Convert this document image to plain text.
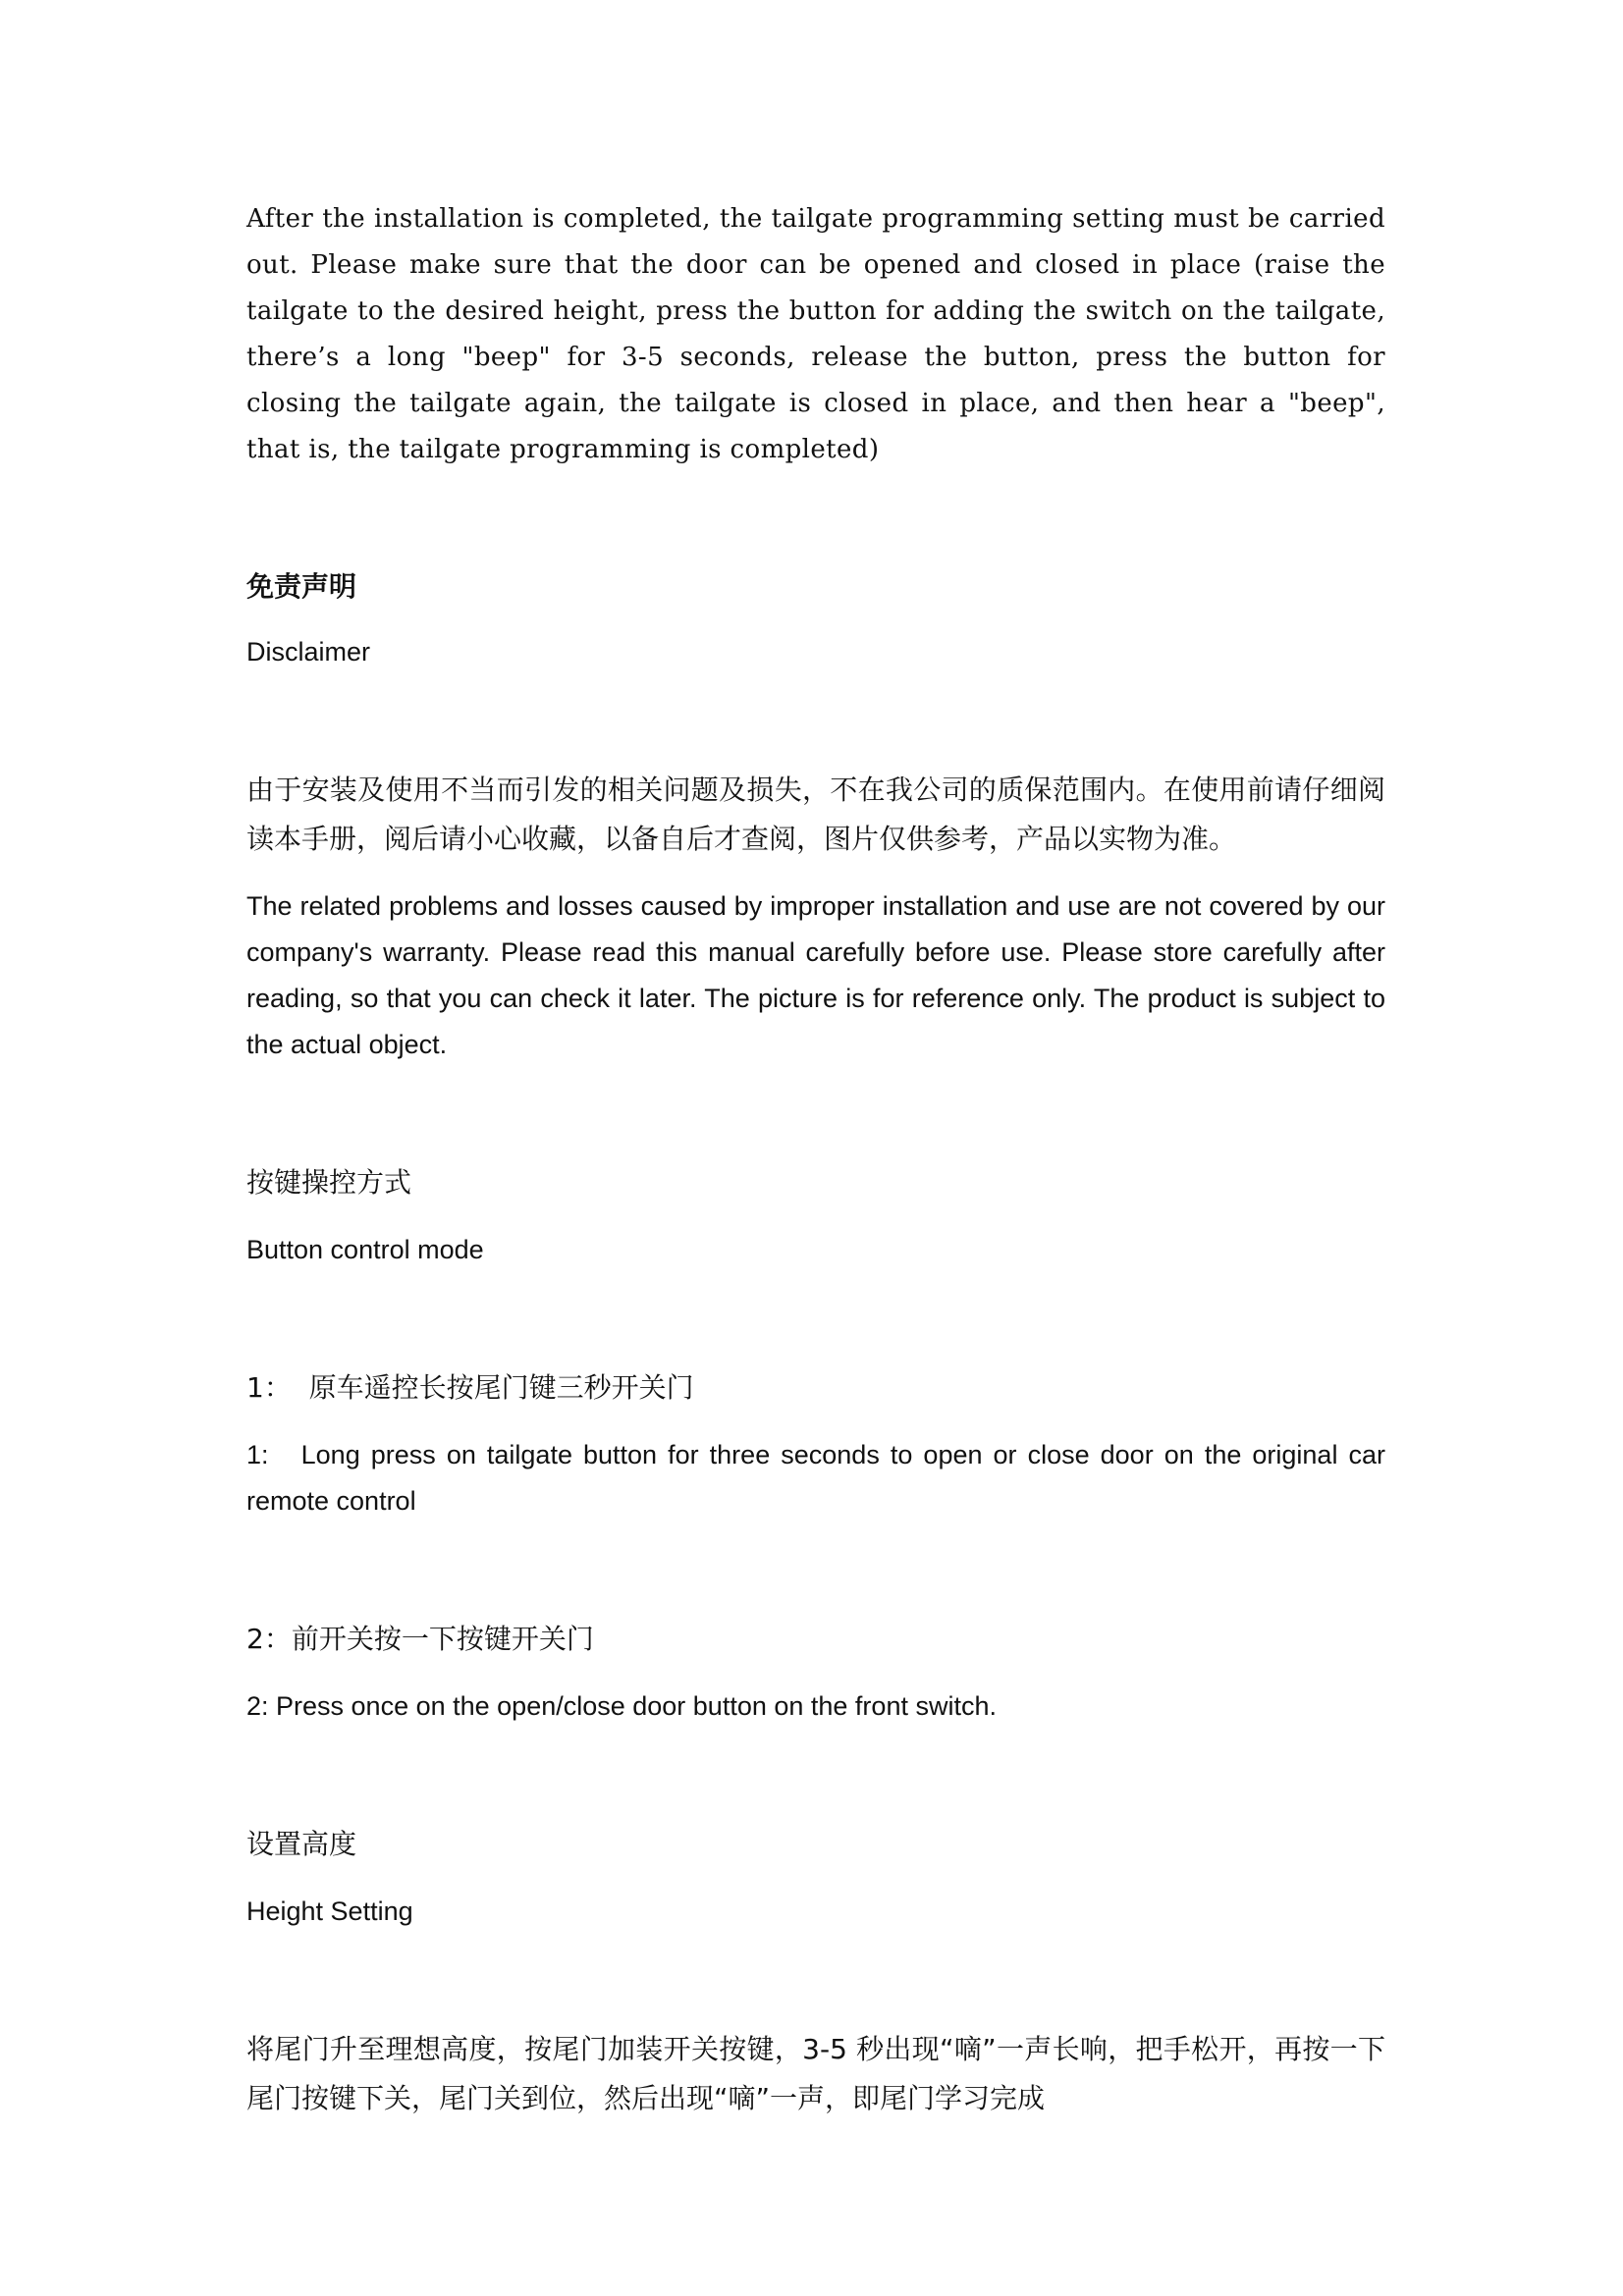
After the installation is completed, the tailgate programming setting must be carried out. Please make sure that the door can be opened and closed in place (raise the tailgate to the desired height, press the button for adding the switch on the tailgate, there’s a long "beep" for 3-5 seconds, release the button, press the button for closing the tailgate again, the tailgate is closed in place, and then hear a "beep", that is, the tailgate programming is completed)

免责声明

Disclaimer

由于安装及使用不当而引发的相关问题及损失，不在我公司的质保范围内。在使用前请仔细阅读本手册，阅后请小心收藏，以备自后才查阅，图片仅供参考，产品以实物为准。

The related problems and losses caused by improper installation and use are not covered by our company's warranty. Please read this manual carefully before use. Please store carefully after reading, so that you can check it later. The picture is for reference only. The product is subject to the actual object.

按键操控方式

Button control mode

1：  原车遥控长按尾门键三秒开关门

1:   Long press on tailgate button for three seconds to open or close door on the original car remote control

2：前开关按一下按键开关门

2: Press once on the open/close door button on the front switch.

设置高度

Height Setting

将尾门升至理想高度，按尾门加装开关按键，3-5 秒出现“嘀”一声长响，把手松开，再按一下尾门按键下关，尾门关到位，然后出现“嘀”一声，即尾门学习完成
